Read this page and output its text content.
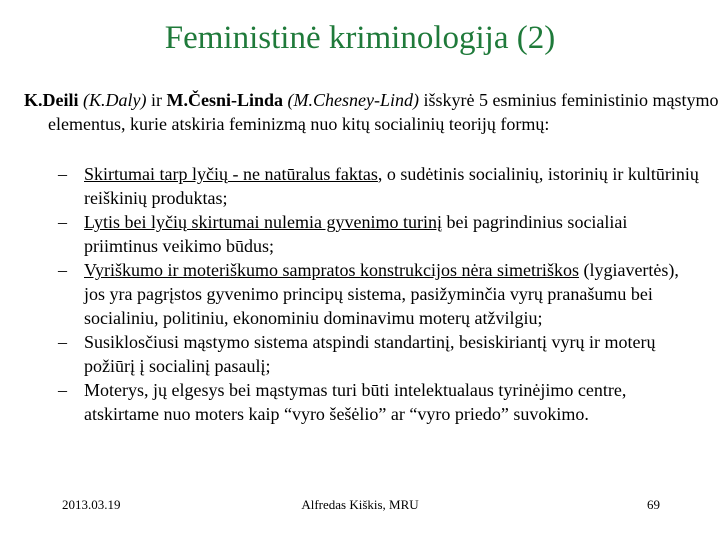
Feministinė kriminologija (2)
K.Deili (K.Daly) ir M.Česni-Linda (M.Chesney-Lind) išskyrė 5 esminius feministinio mąstymo elementus, kurie atskiria feminizmą nuo kitų socialinių teorijų formų:
– Skirtumai tarp lyčių - ne natūralus faktas, o sudėtinis socialinių, istorinių ir kultūrinių reiškinių produktas;
– Lytis bei lyčių skirtumai nulemia gyvenimo turinį bei pagrindinius socialiai priimtinus veikimo būdus;
– Vyriškumo ir moteriškumo sampratos konstrukcijos nėra simetriškos (lygiavertės), jos yra pagrįstos gyvenimo principų sistema, pasižyminčia vyrų pranašumu bei socialiniu, politiniu, ekonominiu dominavimu moterų atžvilgiu;
– Susiklosčiusi mąstymo sistema atspindi standartinį, besiskiriantį vyrų ir moterų požiūrį į socialinį pasaulį;
– Moterys, jų elgesys bei mąstymas turi būti intelektualaus tyrinėjimo centre, atskirtame nuo moters kaip “vyro šešėlio” ar “vyro priedo” suvokimo.
2013.03.19	Alfredas Kiškis, MRU	69
